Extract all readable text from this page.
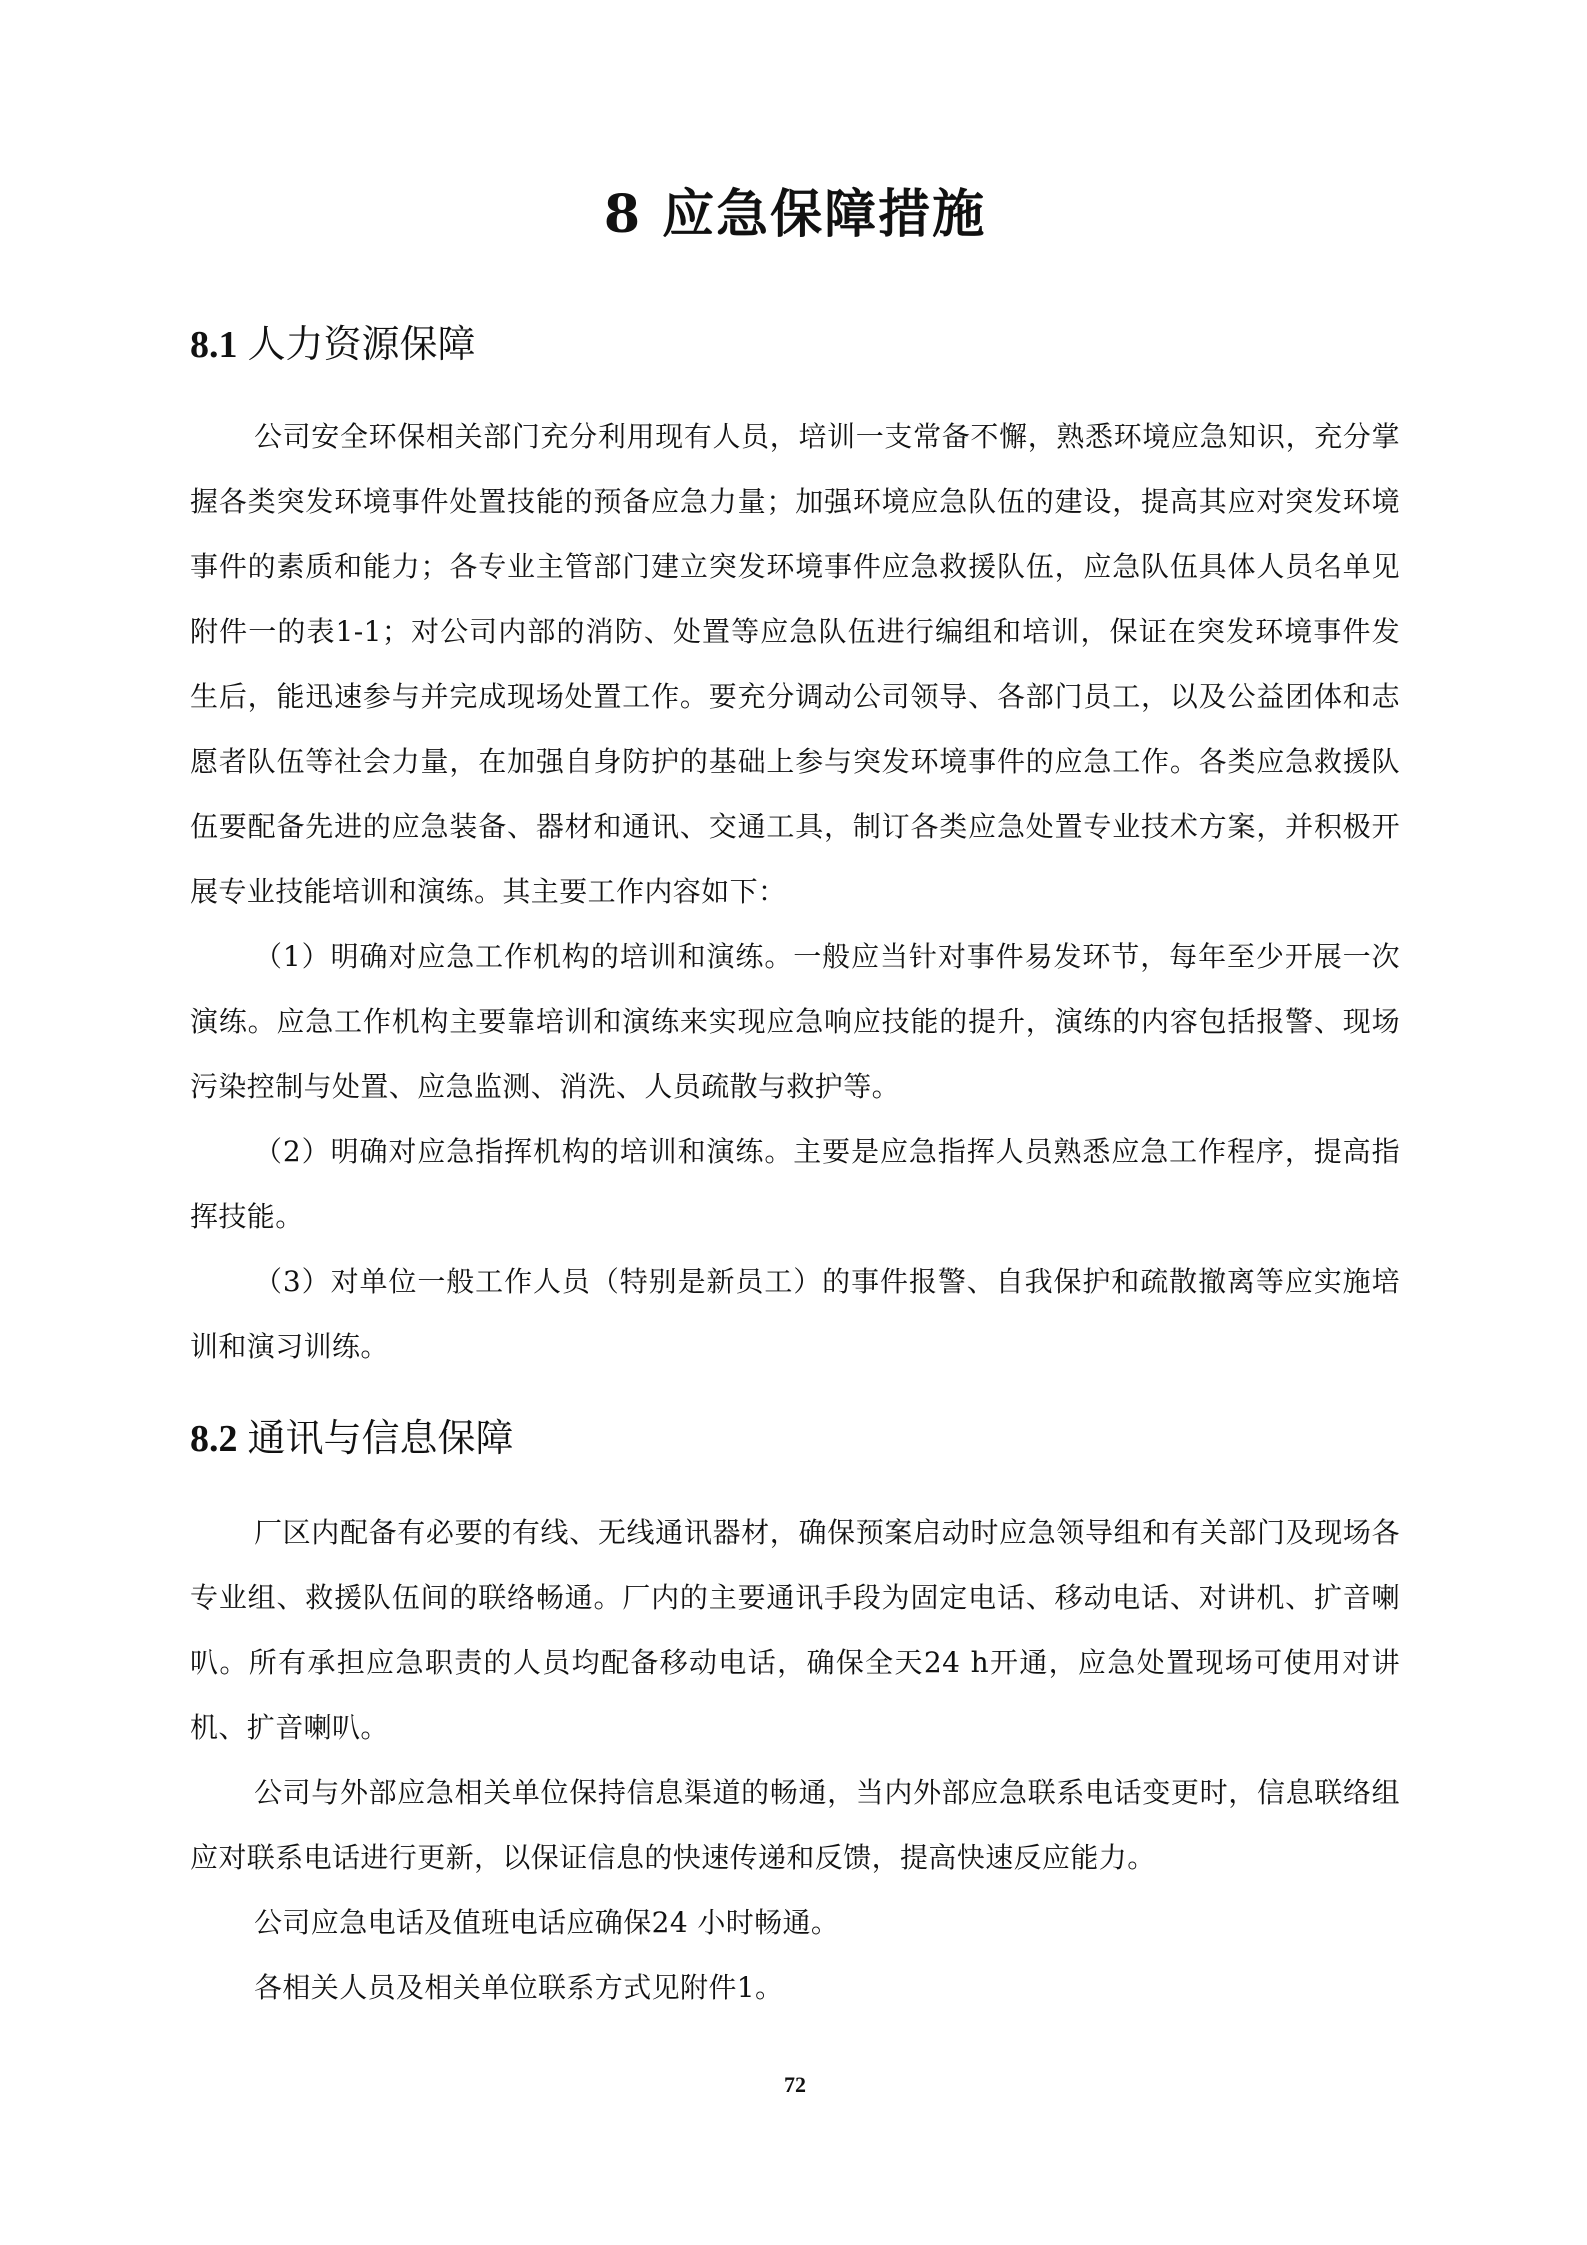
8 应急保障措施
8.1 人力资源保障

公司安全环保相关部门充分利用现有人员，培训一支常备不懈，熟悉环境应急知识，充分掌握各类突发环境事件处置技能的预备应急力量；加强环境应急队伍的建设，提高其应对突发环境事件的素质和能力；各专业主管部门建立突发环境事件应急救援队伍，应急队伍具体人员名单见附件一的表1-1；对公司内部的消防、处置等应急队伍进行编组和培训，保证在突发环境事件发生后，能迅速参与并完成现场处置工作。要充分调动公司领导、各部门员工，以及公益团体和志愿者队伍等社会力量，在加强自身防护的基础上参与突发环境事件的应急工作。各类应急救援队伍要配备先进的应急装备、器材和通讯、交通工具，制订各类应急处置专业技术方案，并积极开展专业技能培训和演练。其主要工作内容如下：

（1）明确对应急工作机构的培训和演练。一般应当针对事件易发环节，每年至少开展一次演练。应急工作机构主要靠培训和演练来实现应急响应技能的提升，演练的内容包括报警、现场污染控制与处置、应急监测、消洗、人员疏散与救护等。

（2）明确对应急指挥机构的培训和演练。主要是应急指挥人员熟悉应急工作程序，提高指挥技能。

（3）对单位一般工作人员（特别是新员工）的事件报警、自我保护和疏散撤离等应实施培训和演习训练。

8.2 通讯与信息保障

厂区内配备有必要的有线、无线通讯器材，确保预案启动时应急领导组和有关部门及现场各专业组、救援队伍间的联络畅通。厂内的主要通讯手段为固定电话、移动电话、对讲机、扩音喇叭。所有承担应急职责的人员均配备移动电话，确保全天24 h开通，应急处置现场可使用对讲机、扩音喇叭。

公司与外部应急相关单位保持信息渠道的畅通，当内外部应急联系电话变更时，信息联络组应对联系电话进行更新，以保证信息的快速传递和反馈，提高快速反应能力。

公司应急电话及值班电话应确保24 小时畅通。

各相关人员及相关单位联系方式见附件1。

72
